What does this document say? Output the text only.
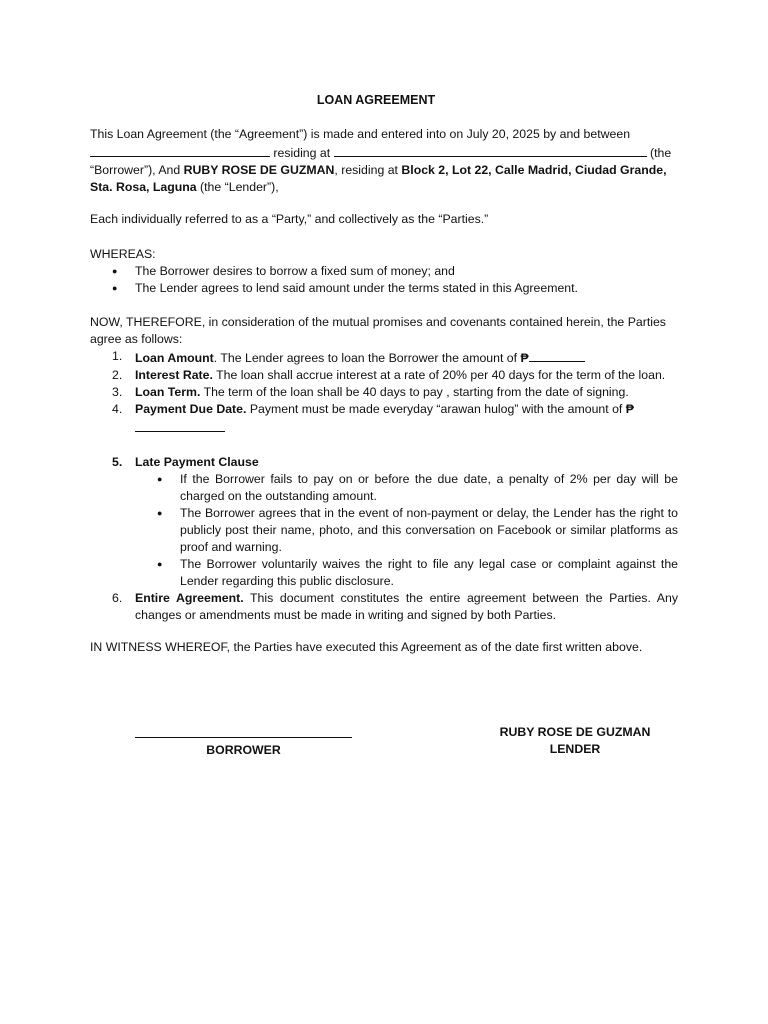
LOAN AGREEMENT

This Loan Agreement (the “Agreement”) is made and entered into on July 20, 2025 by and between

residing at	(the

“Borrower”), And RUBY ROSE DE GUZMAN, residing at Block 2, Lot 22, Calle Madrid, Ciudad Grande, Sta. Rosa, Laguna (the “Lender”),

Each individually referred to as a “Party,” and collectively as the “Parties.”

WHEREAS:

● The Borrower desires to borrow a fixed sum of money; and
● The Lender agrees to lend said amount under the terms stated in this Agreement.

NOW, THEREFORE, in consideration of the mutual promises and covenants contained herein, the Parties agree as follows:

1. Loan Amount. The Lender agrees to loan the Borrower the amount of ₱
2. Interest Rate. The loan shall accrue interest at a rate of 20% per 40 days for the term of the loan.
3. Loan Term. The term of the loan shall be 40 days to pay , starting from the date of signing.
4. Payment Due Date. Payment must be made everyday “arawan hulog” with the amount of ₱

5. Late Payment Clause
● If the Borrower fails to pay on or before the due date, a penalty of 2% per day will be charged on the outstanding amount.
● The Borrower agrees that in the event of non-payment or delay, the Lender has the right to publicly post their name, photo, and this conversation on Facebook or similar platforms as proof and warning.
● The Borrower voluntarily waives the right to file any legal case or complaint against the Lender regarding this public disclosure.
6. Entire Agreement. This document constitutes the entire agreement between the Parties. Any changes or amendments must be made in writing and signed by both Parties.

IN WITNESS WHEREOF, the Parties have executed this Agreement as of the date first written above.

BORROWER
RUBY ROSE DE GUZMAN
LENDER
